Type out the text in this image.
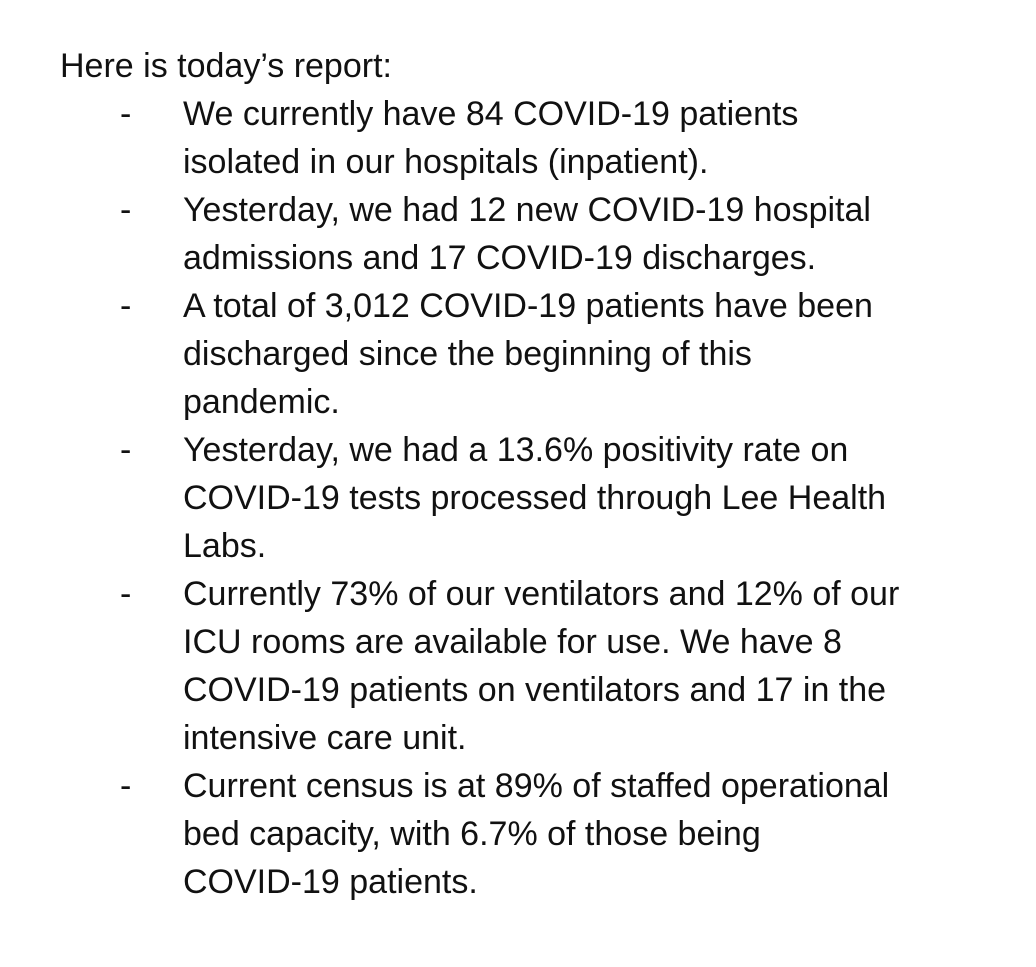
Here is today’s report:

- We currently have 84 COVID-19 patients
isolated in our hospitals (inpatient).
- Yesterday, we had 12 new COVID-19 hospital
admissions and 17 COVID-19 discharges.
- A total of 3,012 COVID-19 patients have been
discharged since the beginning of this
pandemic.
- Yesterday, we had a 13.6% positivity rate on
COVID-19 tests processed through Lee Health
Labs.
- Currently 73% of our ventilators and 12% of our
ICU rooms are available for use. We have 8
COVID-19 patients on ventilators and 17 in the
intensive care unit.
- Current census is at 89% of staffed operational
bed capacity, with 6.7% of those being
COVID-19 patients.
